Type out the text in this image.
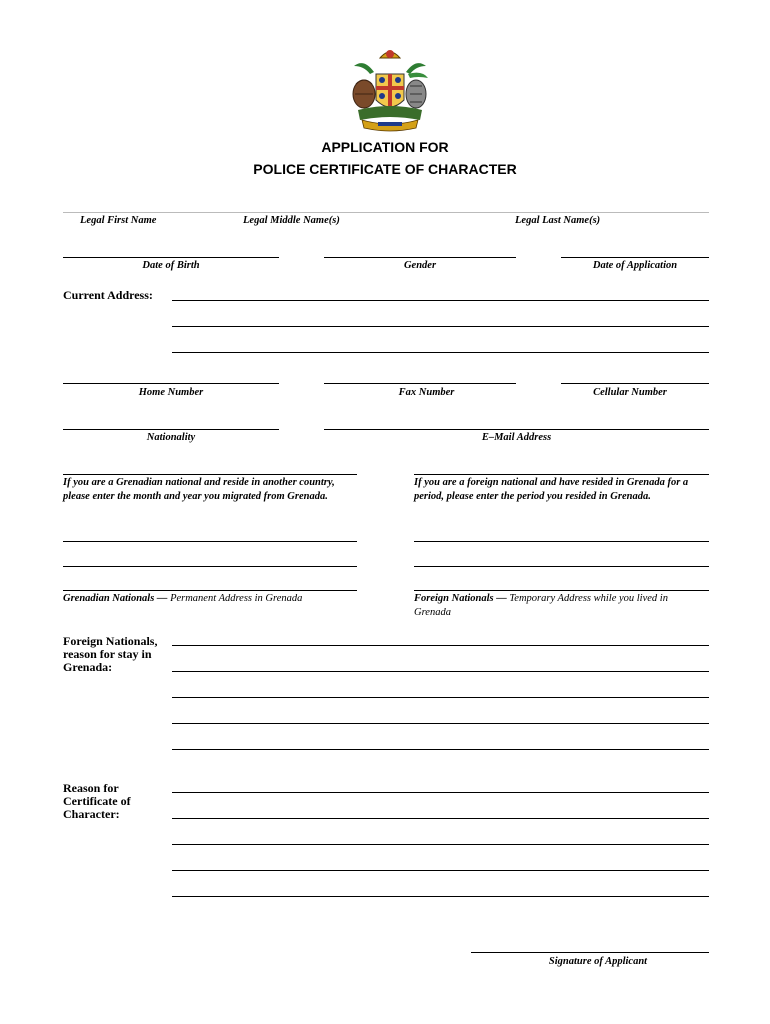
APPLICATION FOR
POLICE CERTIFICATE OF CHARACTER
Legal First Name	Legal Middle Name(s)	Legal Last Name(s)
Date of Birth	Gender	Date of Application
Current Address:
Home Number	Fax Number	Cellular Number
Nationality	E–Mail Address
If you are a Grenadian national and reside in another country, please enter the month and year you migrated from Grenada.
If you are a foreign national and have resided in Grenada for a period, please enter the period you resided in Grenada.
Grenadian Nationals — Permanent Address in Grenada	Foreign Nationals — Temporary Address while you lived in Grenada
Foreign Nationals, reason for stay in Grenada:
Reason for Certificate of Character:
Signature of Applicant
